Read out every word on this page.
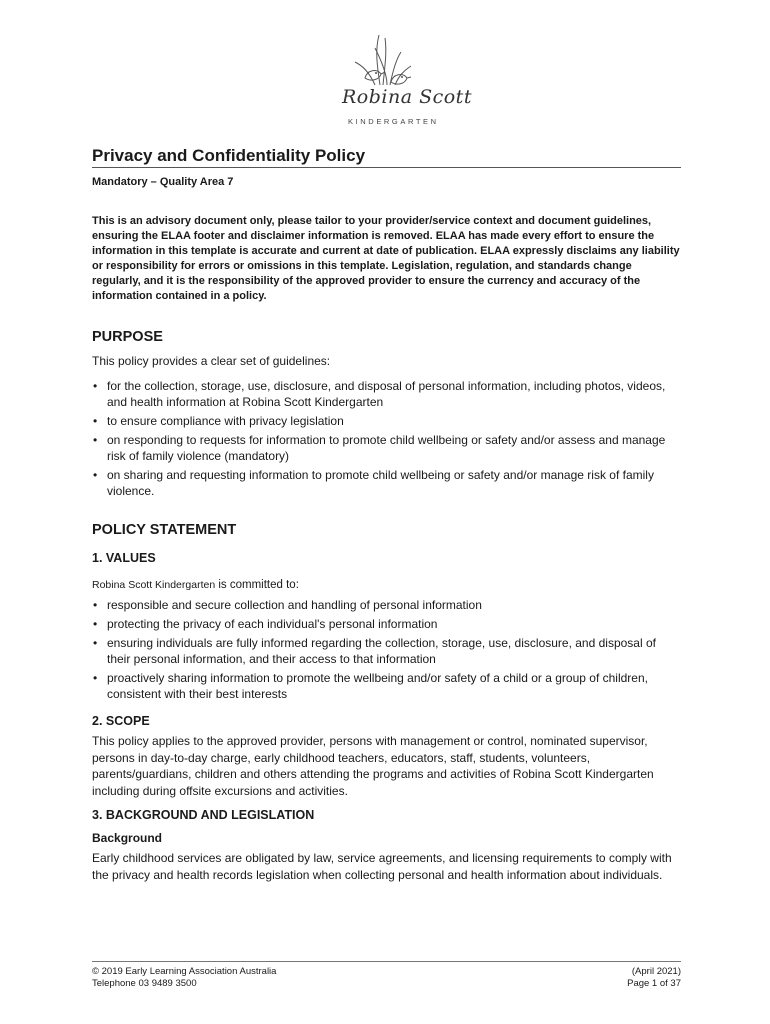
Robina Scott
KINDERGARTEN
Privacy and Confidentiality Policy
Mandatory – Quality Area 7

This is an advisory document only, please tailor to your provider/service context and document guidelines, ensuring the ELAA footer and disclaimer information is removed. ELAA has made every effort to ensure the information in this template is accurate and current at date of publication. ELAA expressly disclaims any liability or responsibility for errors or omissions in this template. Legislation, regulation, and standards change regularly, and it is the responsibility of the approved provider to ensure the currency and accuracy of the information contained in a policy.

PURPOSE

This policy provides a clear set of guidelines:

• for the collection, storage, use, disclosure, and disposal of personal information, including photos, videos, and health information at Robina Scott Kindergarten
• to ensure compliance with privacy legislation
• on responding to requests for information to promote child wellbeing or safety and/or assess and manage risk of family violence (mandatory)
• on sharing and requesting information to promote child wellbeing or safety and/or manage risk of family violence.
POLICY STATEMENT
1. VALUES

Robina Scott Kindergarten is committed to:

• responsible and secure collection and handling of personal information
• protecting the privacy of each individual's personal information
• ensuring individuals are fully informed regarding the collection, storage, use, disclosure, and disposal of their personal information, and their access to that information
• proactively sharing information to promote the wellbeing and/or safety of a child or a group of children, consistent with their best interests
2. SCOPE

This policy applies to the approved provider, persons with management or control, nominated supervisor, persons in day-to-day charge, early childhood teachers, educators, staff, students, volunteers, parents/guardians, children and others attending the programs and activities of Robina Scott Kindergarten including during offsite excursions and activities.

3. BACKGROUND AND LEGISLATION
Background

Early childhood services are obligated by law, service agreements, and licensing requirements to comply with the privacy and health records legislation when collecting personal and health information about individuals.

© 2019 Early Learning Association Australia
Telephone 03 9489 3500
(April 2021)
Page 1 of 37
